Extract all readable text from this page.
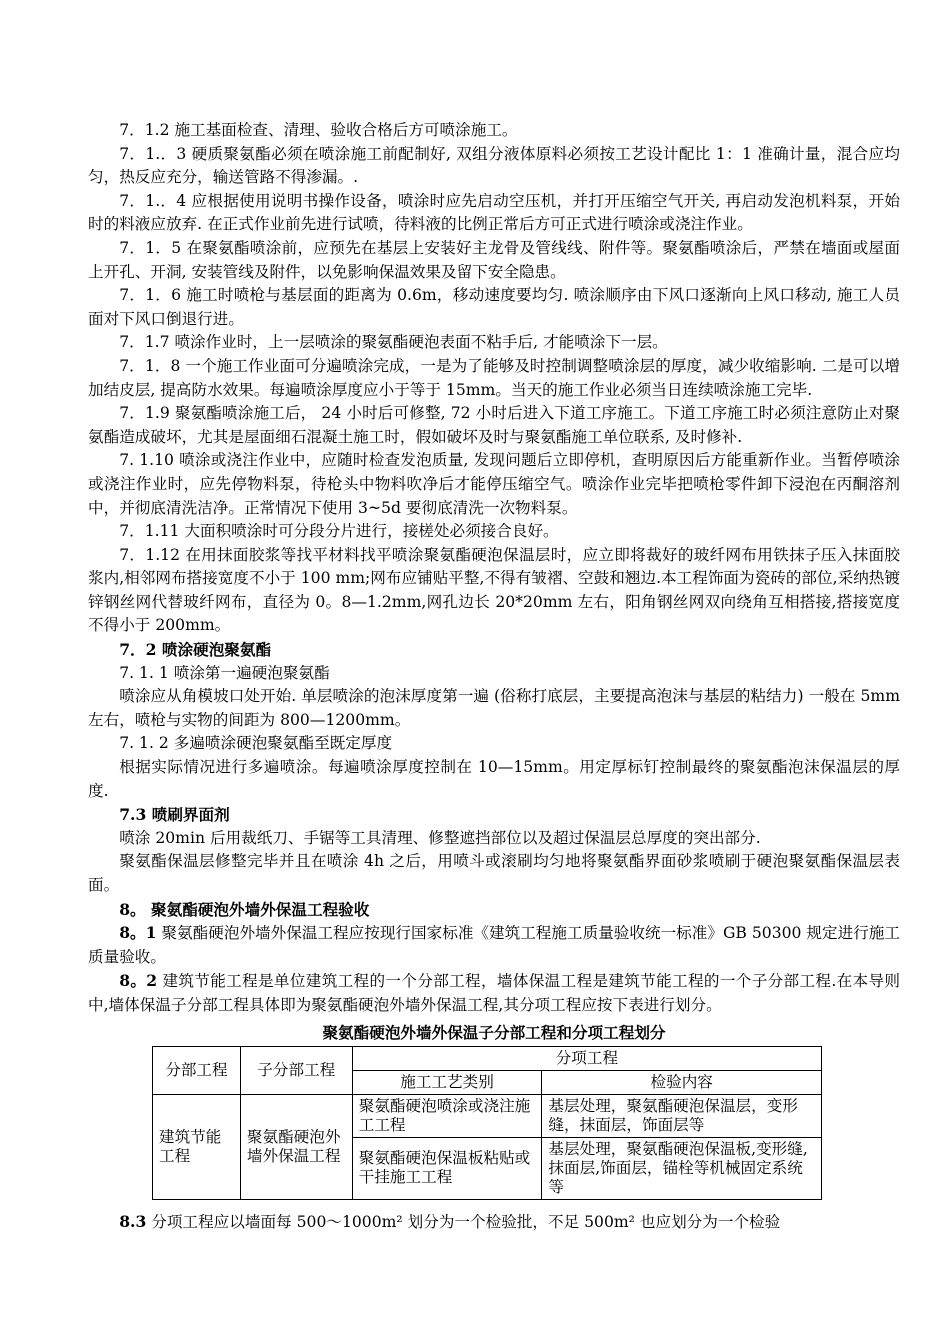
7．1.2 施工基面检查、清理、验收合格后方可喷涂施工。

7．1.．3 硬质聚氨酯必须在喷涂施工前配制好, 双组分液体原料必须按工艺设计配比 1：1 准确计量，混合应均匀，热反应充分，输送管路不得渗漏。.

7．1.．4 应根据使用说明书操作设备，喷涂时应先启动空压机，并打开压缩空气开关, 再启动发泡机料泵，开始时的料液应放弃. 在正式作业前先进行试喷，待料液的比例正常后方可正式进行喷涂或浇注作业。

7．1．5 在聚氨酯喷涂前，应预先在基层上安装好主龙骨及管线线、附件等。聚氨酯喷涂后，严禁在墙面或屋面上开孔、开洞, 安装管线及附件，以免影响保温效果及留下安全隐患。

7．1．6 施工时喷枪与基层面的距离为 0.6m，移动速度要均匀. 喷涂顺序由下风口逐渐向上风口移动, 施工人员面对下风口倒退行进。

7．1.7 喷涂作业时，上一层喷涂的聚氨酯硬泡表面不粘手后, 才能喷涂下一层。

7．1．8 一个施工作业面可分遍喷涂完成，一是为了能够及时控制调整喷涂层的厚度，减少收缩影响. 二是可以增加结皮层, 提高防水效果。每遍喷涂厚度应小于等于 15mm。当天的施工作业必须当日连续喷涂施工完毕.

7．1.9 聚氨酯喷涂施工后， 24 小时后可修整, 72 小时后进入下道工序施工。下道工序施工时必须注意防止对聚氨酯造成破坏，尤其是屋面细石混凝土施工时，假如破坏及时与聚氨酯施工单位联系, 及时修补.

7. 1.10 喷涂或浇注作业中，应随时检查发泡质量, 发现问题后立即停机，查明原因后方能重新作业。当暂停喷涂或浇注作业时，应先停物料泵，待枪头中物料吹净后才能停压缩空气。喷涂作业完毕把喷枪零件卸下浸泡在丙酮溶剂中，并彻底清洗洁净。正常情况下使用 3~5d 要彻底清洗一次物料泵。

7．1.11 大面积喷涂时可分段分片进行，接槎处必须接合良好。

7．1.12 在用抹面胶浆等找平材料找平喷涂聚氨酯硬泡保温层时，应立即将裁好的玻纤网布用铁抹子压入抹面胶浆内,相邻网布搭接宽度不小于 100 mm;网布应铺贴平整,不得有皱褶、空鼓和翘边.本工程饰面为瓷砖的部位,采纳热镀锌钢丝网代替玻纤网布，直径为 0。8—1.2mm,网孔边长 20*20mm 左右，阳角钢丝网双向绕角互相搭接,搭接宽度不得小于 200mm。

7．2 喷涂硬泡聚氨酯

7. 1. 1 喷涂第一遍硬泡聚氨酯

喷涂应从角模坡口处开始. 单层喷涂的泡沫厚度第一遍 (俗称打底层，主要提高泡沫与基层的粘结力) 一般在 5mm 左右，喷枪与实物的间距为 800—1200mm。

7. 1. 2 多遍喷涂硬泡聚氨酯至既定厚度

根据实际情况进行多遍喷涂。每遍喷涂厚度控制在 10—15mm。用定厚标钉控制最终的聚氨酯泡沫保温层的厚度.

7.3 喷刷界面剂

喷涂 20min 后用裁纸刀、手锯等工具清理、修整遮挡部位以及超过保温层总厚度的突出部分.

聚氨酯保温层修整完毕并且在喷涂 4h 之后，用喷斗或滚刷均匀地将聚氨酯界面砂浆喷刷于硬泡聚氨酯保温层表面。

8。 聚氨酯硬泡外墙外保温工程验收

8。1 聚氨酯硬泡外墙外保温工程应按现行国家标准《建筑工程施工质量验收统一标准》GB 50300 规定进行施工质量验收。

8。2 建筑节能工程是单位建筑工程的一个分部工程，墙体保温工程是建筑节能工程的一个子分部工程.在本导则中,墙体保温子分部工程具体即为聚氨酯硬泡外墙外保温工程,其分项工程应按下表进行划分。

聚氨酯硬泡外墙外保温子分部工程和分项工程划分

分部工程	子分部工程	分项工程	
		施工工艺类别	检验内容
建筑节能工程	聚氨酯硬泡外墙外保温工程	聚氨酯硬泡喷涂或浇注施工工程	基层处理，聚氨酯硬泡保温层，变形缝，抹面层，饰面层等
		聚氨酯硬泡保温板粘贴或干挂施工工程	基层处理，聚氨酯硬泡保温板,变形缝,抹面层,饰面层，锚栓等机械固定系统等

8.3 分项工程应以墙面每 500～1000m² 划分为一个检验批，不足 500m² 也应划分为一个检验
